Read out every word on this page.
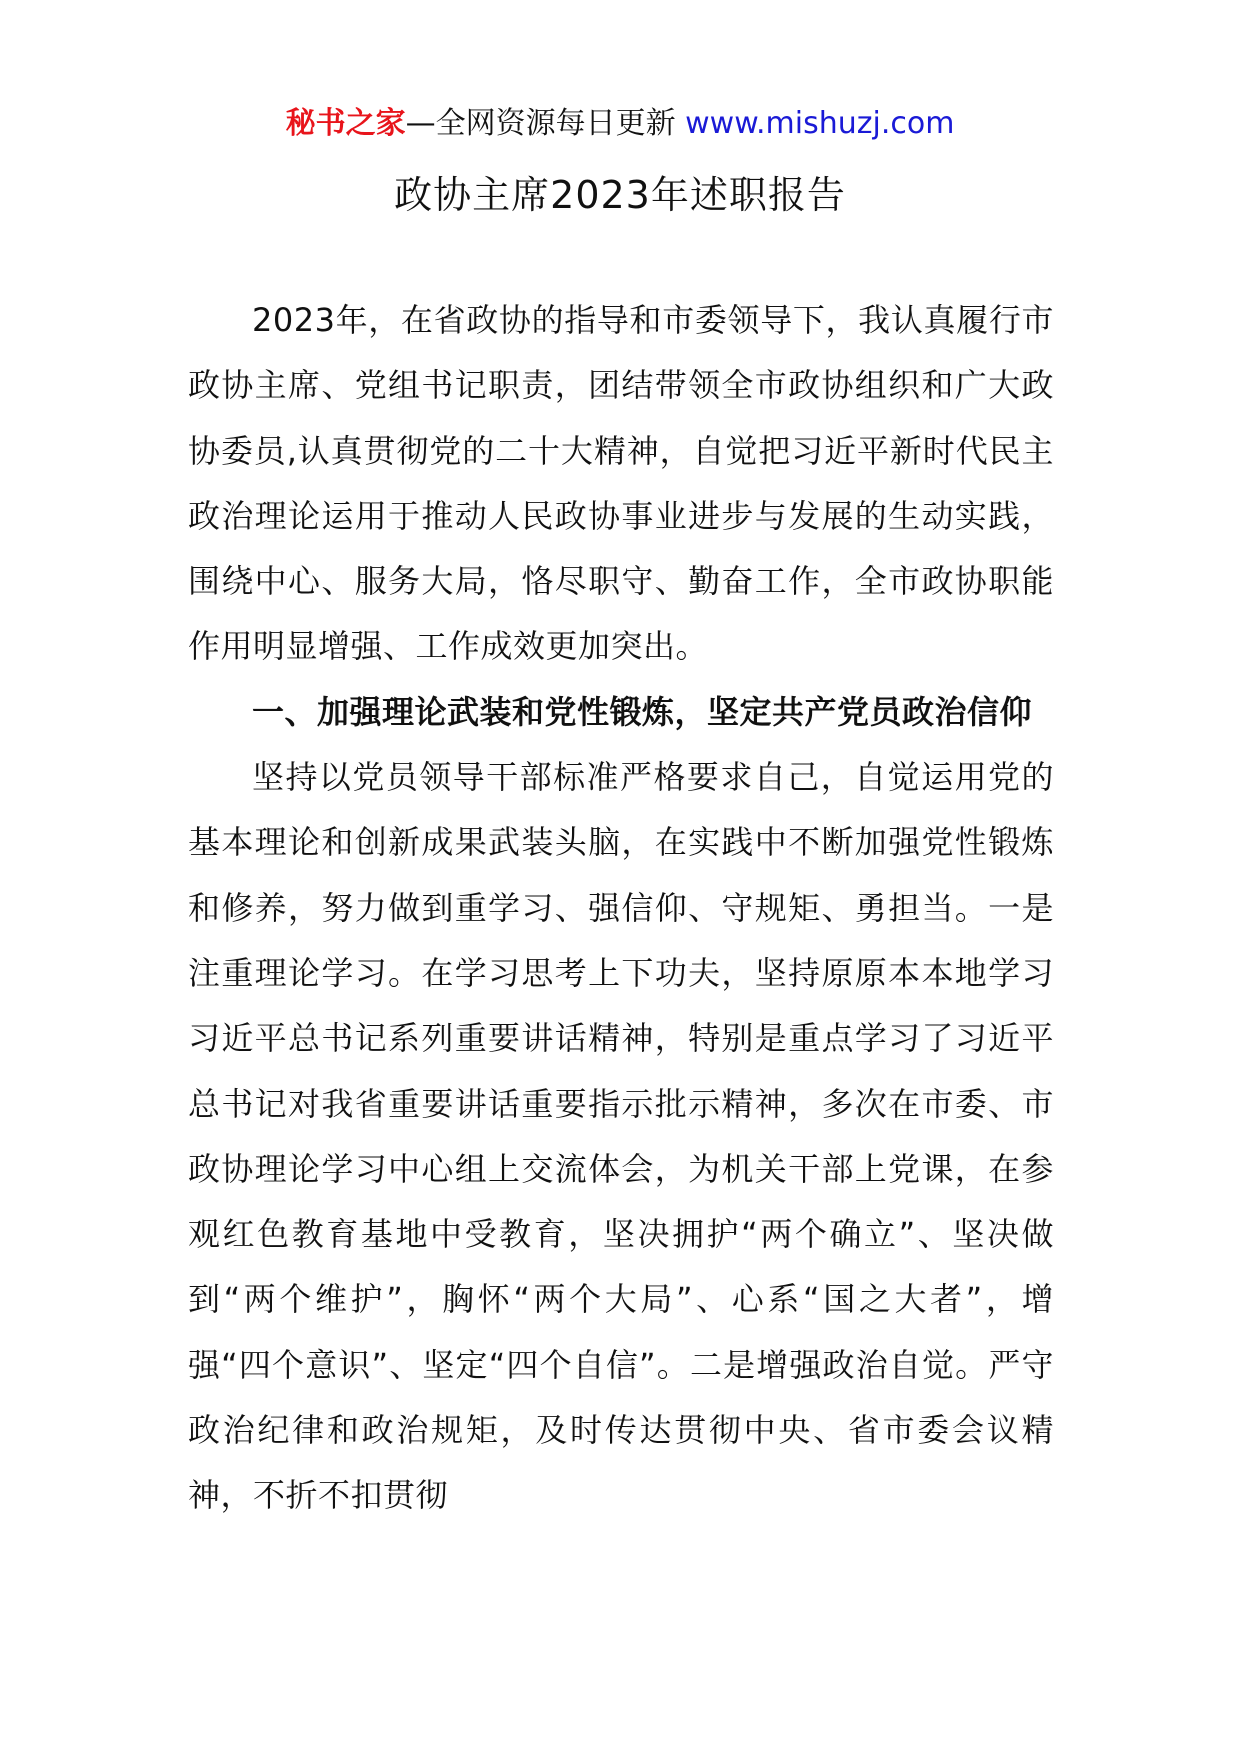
秘书之家—全网资源每日更新 www.mishuzj.com
政协主席2023年述职报告

2023年，在省政协的指导和市委领导下，我认真履行市政协主席、党组书记职责，团结带领全市政协组织和广大政协委员,认真贯彻党的二十大精神，自觉把习近平新时代民主政治理论运用于推动人民政协事业进步与发展的生动实践，围绕中心、服务大局，恪尽职守、勤奋工作，全市政协职能作用明显增强、工作成效更加突出。

一、加强理论武装和党性锻炼，坚定共产党员政治信仰

坚持以党员领导干部标准严格要求自己，自觉运用党的基本理论和创新成果武装头脑，在实践中不断加强党性锻炼和修养，努力做到重学习、强信仰、守规矩、勇担当。一是注重理论学习。在学习思考上下功夫，坚持原原本本地学习习近平总书记系列重要讲话精神，特别是重点学习了习近平总书记对我省重要讲话重要指示批示精神，多次在市委、市政协理论学习中心组上交流体会，为机关干部上党课，在参观红色教育基地中受教育，坚决拥护“两个确立”、坚决做到“两个维护”，胸怀“两个大局”、心系“国之大者”，增强“四个意识”、坚定“四个自信”。二是增强政治自觉。严守政治纪律和政治规矩，及时传达贯彻中央、省市委会议精神，不折不扣贯彻
